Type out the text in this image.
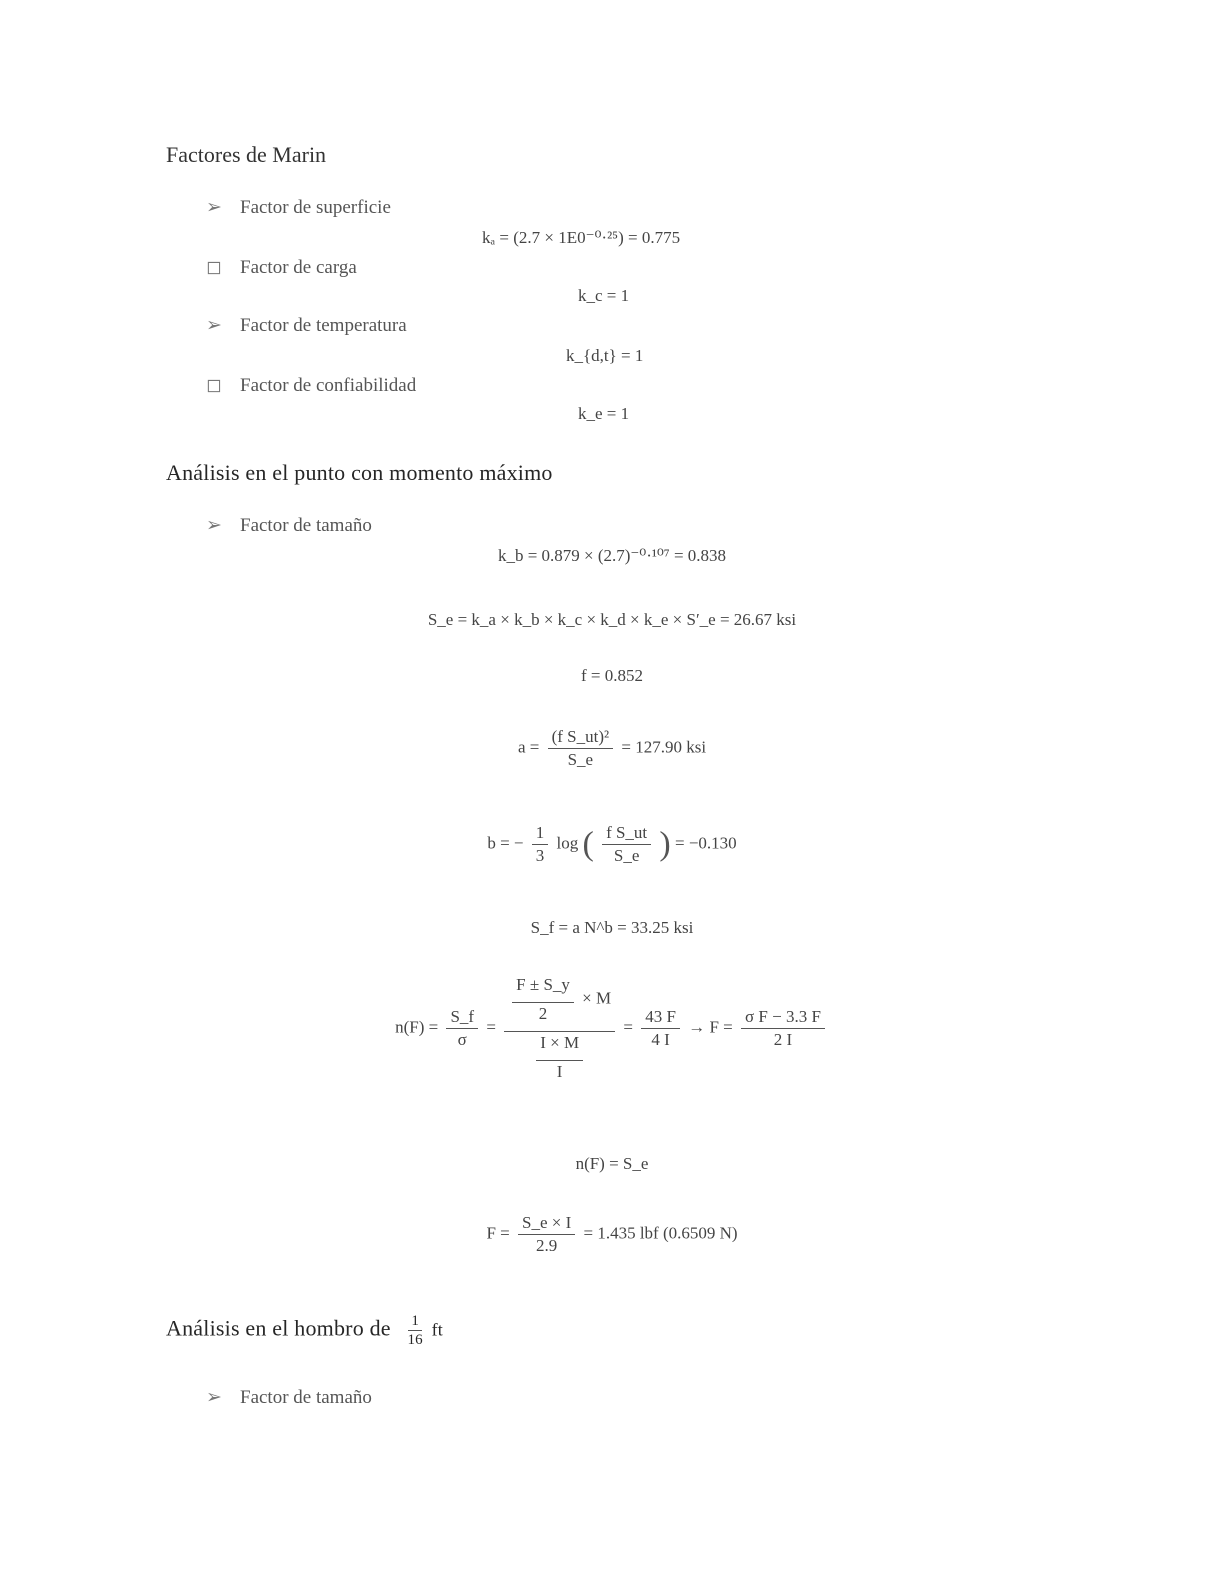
Factores de Marin
➢ Factor de superficie
kₐ = (2.7 × 1E0⁻⁰·²⁵) = 0.775
◻ Factor de carga
k_c = 1
➢ Factor de temperatura
k_{d,t} = 1
◻ Factor de confiabilidad
k_e = 1
Análisis en el punto con momento máximo
➢ Factor de tamaño
k_b = 0.879 × (2.7)⁻⁰·¹⁰⁷ = 0.838
S_e = k_a × k_b × k_c × k_d × k_e × S′_e = 26.67 ksi
f = 0.852
$a = \frac{\text{(f S\_ut)²}}{S\_e} = 127.90$ ksi
b = − $\frac{1}{3}$ log ( $\frac{\text{f S\_ut}}{S\_e}$ ) = −0.130
S_f = a N^b = 33.25 ksi
$n(F) = \frac{S\_f}{\sigma} = \frac{\frac{F \pm S\_y}{2} \times M}{\frac{I \times M}{I}} = \frac{43 F}{4 I} \to F = \frac{\text{σ F − 3.3 F}}{2 I}$
n(F) = S_e
$F = \frac{S\_e \times I}{2.9} = 1.435$ lbf (0.6509 N)
Análisis en el hombro de $\frac{1}{16}$ ft
➢ Factor de tamaño
